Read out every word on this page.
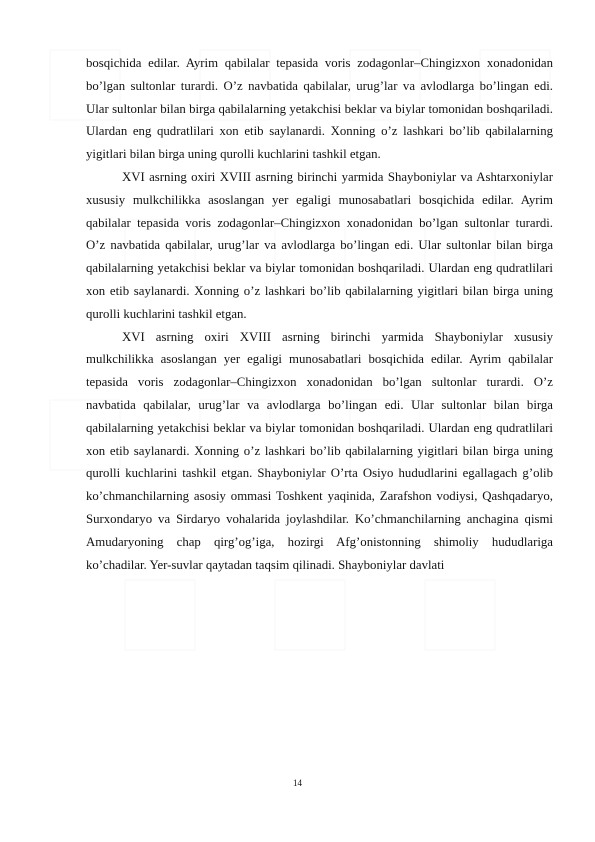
bosqichida edilar. Ayrim qabilalar tepasida voris zodagonlar–Chingizxon xonadonidan bo’lgan sultonlar turardi. O’z navbatida qabilalar, urug’lar va avlodlarga bo’lingan edi. Ular sultonlar bilan birga qabilalarning yetakchisi beklar va biylar tomonidan boshqariladi. Ulardan eng qudratlilari xon etib saylanardi. Xonning o’z lashkari bo’lib qabilalarning yigitlari bilan birga uning qurolli kuchlarini tashkil etgan.

XVI asrning oxiri XVIII asrning birinchi yarmida Shayboniylar va Ashtarxoniylar xususiy mulkchilikka asoslangan yer egaligi munosabatlari bosqichida edilar. Ayrim qabilalar tepasida voris zodagonlar–Chingizxon xonadonidan bo’lgan sultonlar turardi. O’z navbatida qabilalar, urug’lar va avlodlarga bo’lingan edi. Ular sultonlar bilan birga qabilalarning yetakchisi beklar va biylar tomonidan boshqariladi. Ulardan eng qudratlilari xon etib saylanardi. Xonning o’z lashkari bo’lib qabilalarning yigitlari bilan birga uning qurolli kuchlarini tashkil etgan.

XVI asrning oxiri XVIII asrning birinchi yarmida Shayboniylar xususiy mulkchilikka asoslangan yer egaligi munosabatlari bosqichida edilar. Ayrim qabilalar tepasida voris zodagonlar–Chingizxon xonadonidan bo’lgan sultonlar turardi. O’z navbatida qabilalar, urug’lar va avlodlarga bo’lingan edi. Ular sultonlar bilan birga qabilalarning yetakchisi beklar va biylar tomonidan boshqariladi. Ulardan eng qudratlilari xon etib saylanardi. Xonning o’z lashkari bo’lib qabilalarning yigitlari bilan birga uning qurolli kuchlarini tashkil etgan. Shayboniylar O’rta Osiyo hududlarini egallagach g’olib ko’chmanchilarning asosiy ommasi Toshkent yaqinida, Zarafshon vodiysi, Qashqadaryo, Surxondaryo va Sirdaryo vohalarida joylashdilar. Ko’chmanchilarning anchagina qismi Amudaryoning chap qirg’og’iga, hozirgi Afg’onistonning shimoliy hududlariga ko’chadilar. Yer-suvlar qaytadan taqsim qilinadi. Shayboniylar davlati

14
